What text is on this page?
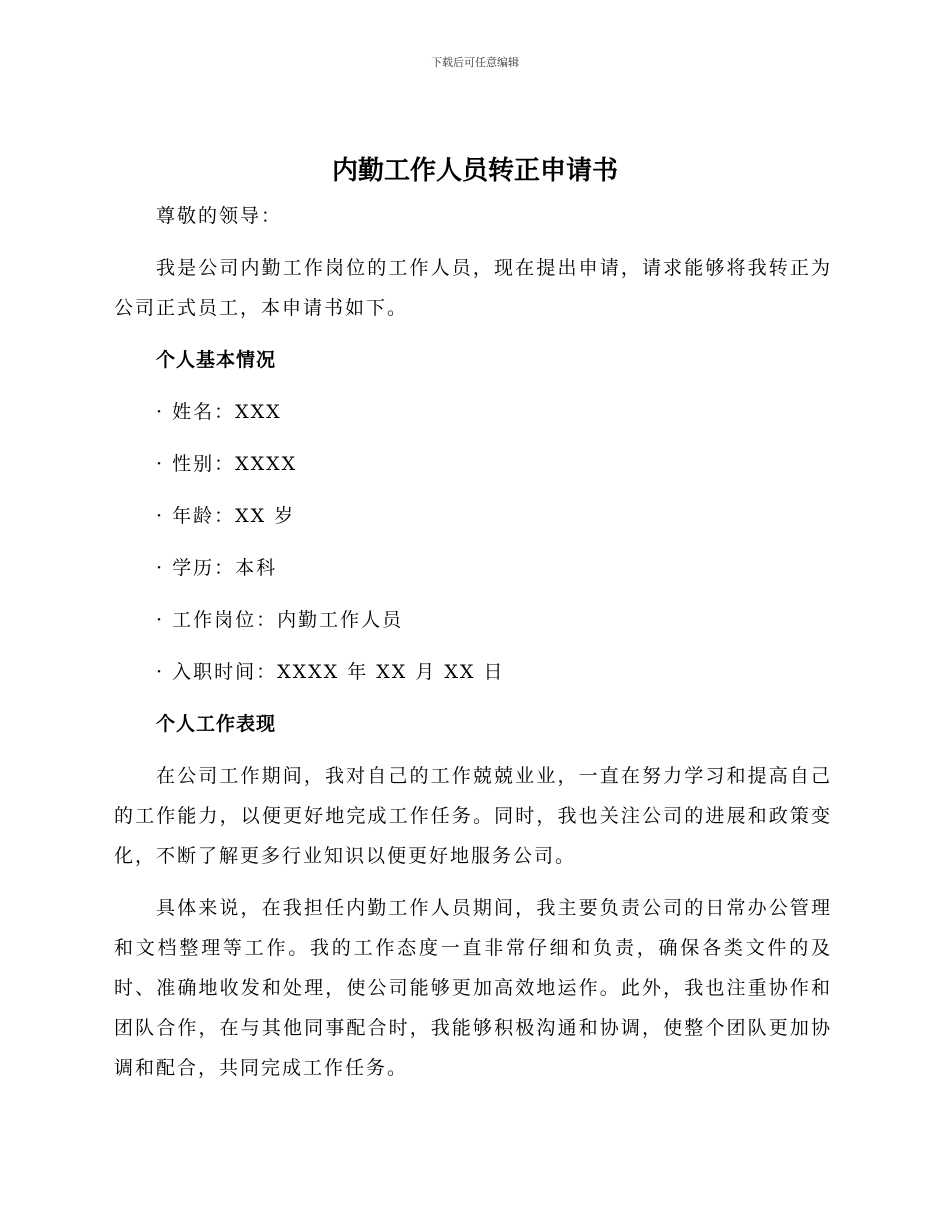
下载后可任意编辑
内勤工作人员转正申请书

尊敬的领导：

我是公司内勤工作岗位的工作人员，现在提出申请，请求能够将我转正为公司正式员工，本申请书如下。

个人基本情况

· 姓名：XXX

· 性别：XXXX

· 年龄：XX 岁

· 学历：本科

· 工作岗位：内勤工作人员

· 入职时间：XXXX 年 XX 月 XX 日

个人工作表现

在公司工作期间，我对自己的工作兢兢业业，一直在努力学习和提高自己的工作能力，以便更好地完成工作任务。同时，我也关注公司的进展和政策变化，不断了解更多行业知识以便更好地服务公司。

具体来说，在我担任内勤工作人员期间，我主要负责公司的日常办公管理和文档整理等工作。我的工作态度一直非常仔细和负责，确保各类文件的及时、准确地收发和处理，使公司能够更加高效地运作。此外，我也注重协作和团队合作，在与其他同事配合时，我能够积极沟通和协调，使整个团队更加协调和配合，共同完成工作任务。
